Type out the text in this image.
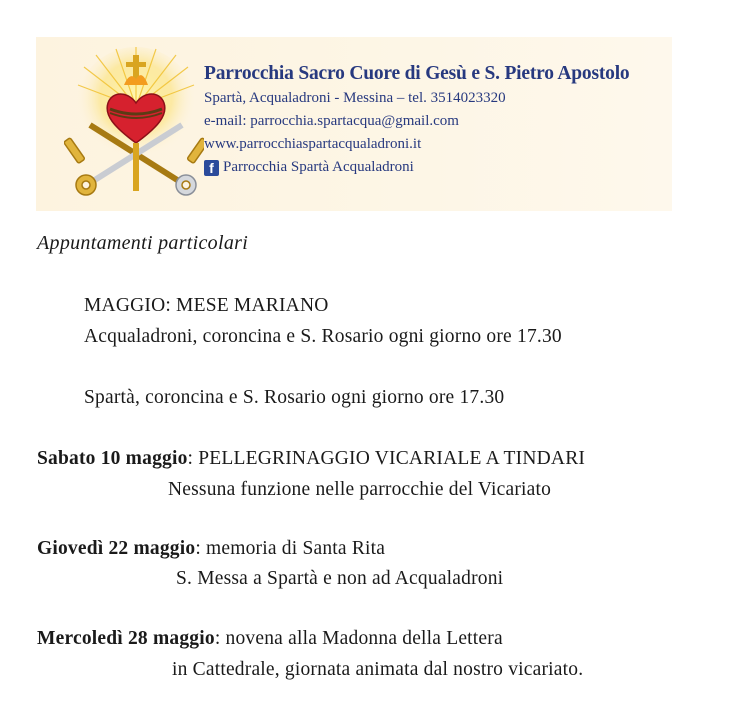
Parrocchia Sacro Cuore di Gesù e S. Pietro Apostolo
Spartà, Acqualadroni - Messina – tel. 3514023320
e-mail: parrocchia.spartacqua@gmail.com
www.parrocchiaspartacqualadroni.it
f Parrocchia Spartà Acqualadroni
Appuntamenti particolari
MAGGIO: MESE MARIANO
Acqualadroni, coroncina e S. Rosario ogni giorno ore 17.30
Spartà, coroncina e S. Rosario ogni giorno ore 17.30
Sabato 10 maggio: PELLEGRINAGGIO VICARIALE A TINDARI
Nessuna funzione nelle parrocchie del Vicariato
Giovedì 22 maggio: memoria di Santa Rita
S. Messa a Spartà e non ad Acqualadroni
Mercoledì 28 maggio: novena alla Madonna della Lettera
in Cattedrale, giornata animata dal nostro vicariato.
